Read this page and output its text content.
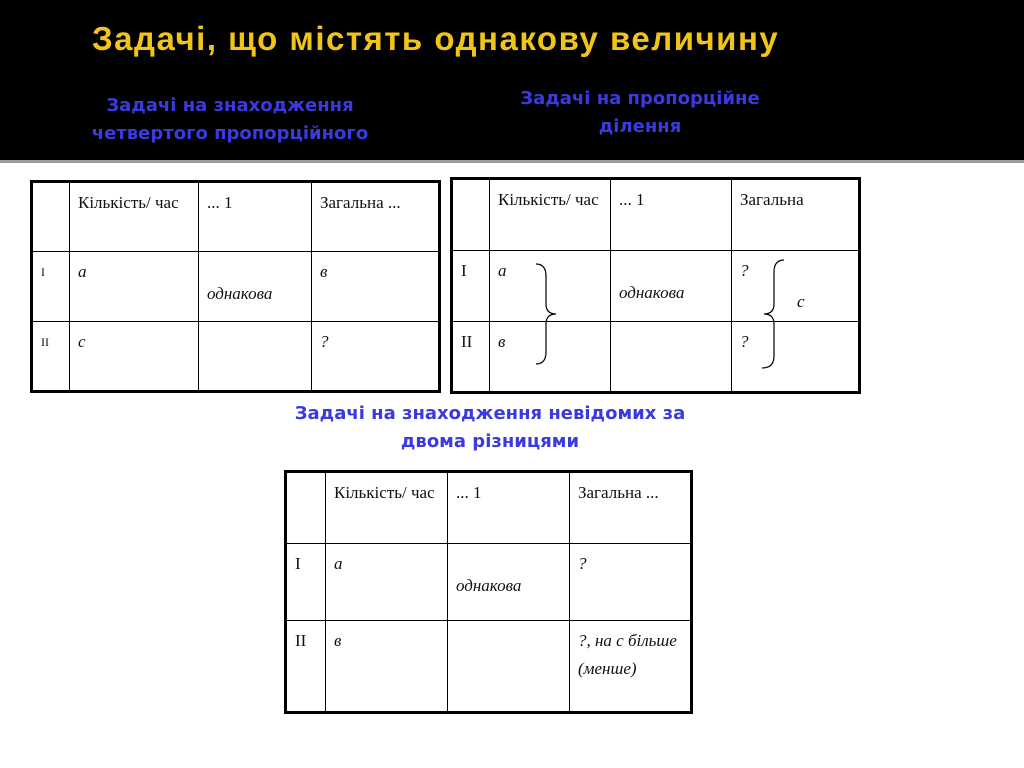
Задачі, що містять однакову величину
Задачі на знаходження четвертого пропорційного
Задачі на пропорційне ділення
	Кількість/ час	... 1	Загальна ...
I	а	однакова	в
II	с		?
	Кількість/ час	... 1	Загальна
I	а	однакова	?
II	в		?
с
Задачі на знаходження невідомих за двома різницями
	Кількість/ час	... 1	Загальна ...
I	а	однакова	?
II	в		?, на с більше (менше)
